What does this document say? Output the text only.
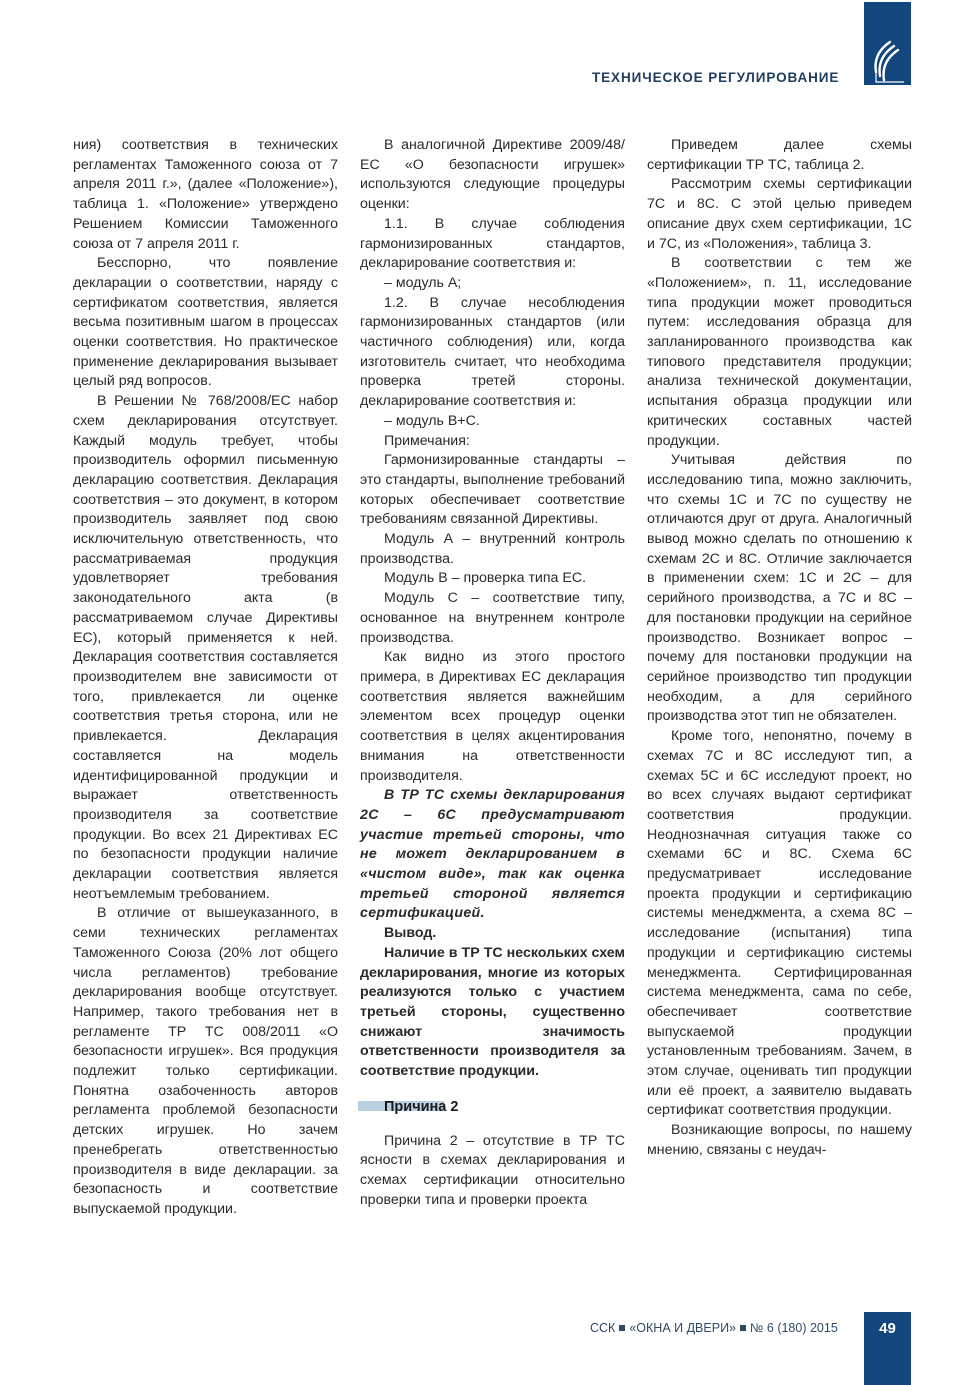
ТЕХНИЧЕСКОЕ РЕГУЛИРОВАНИЕ

ния) соответствия в технических регламентах Таможенного союза от 7 апреля 2011 г.», (далее «Положение»), таблица 1. «Положение» утверждено Решением Комиссии Таможенного союза от 7 апреля 2011 г.

Бесспорно, что появление декларации о соответствии, наряду с сертификатом соответствия, является весьма позитивным шагом в процессах оценки соответствия. Но практическое применение декларирования вызывает целый ряд вопросов.

В Решении № 768/2008/ЕС набор схем декларирования отсутствует. Каждый модуль требует, чтобы производитель оформил письменную декларацию соответствия. Декларация соответствия – это документ, в котором производитель заявляет под свою исключительную ответственность, что рассматриваемая продукция удовлетворяет требования законодательного акта (в рассматриваемом случае Директивы ЕС), который применяется к ней. Декларация соответствия составляется производителем вне зависимости от того, привлекается ли оценке соответствия третья сторона, или не привлекается. Декларация составляется на модель идентифицированной продукции и выражает ответственность производителя за соответствие продукции. Во всех 21 Директивах ЕС по безопасности продукции наличие декларации соответствия является неотъемлемым требованием.

В отличие от вышеуказанного, в семи технических регламентах Таможенного Союза (20% лот общего числа регламентов) требование декларирования вообще отсутствует. Например, такого требования нет в регламенте ТР ТС 008/2011 «О безопасности игрушек». Вся продукция подлежит только сертификации. Понятна озабоченность авторов регламента проблемой безопасности детских игрушек. Но зачем пренебрегать ответственностью производителя в виде декларации. за безопасность и соответствие выпускаемой продукции.

В аналогичной Директиве 2009/48/ЕС «О безопасности игрушек» используются следующие процедуры оценки:

1.1. В случае соблюдения гармонизированных стандартов, декларирование соответствия и:

– модуль А;

1.2. В случае несоблюдения гармонизированных стандартов (или частичного соблюдения) или, когда изготовитель считает, что необходима проверка третей стороны. декларирование соответствия и:

– модуль В+С.

Примечания:

Гармонизированные стандарты – это стандарты, выполнение требований которых обеспечивает соответствие требованиям связанной Директивы.

Модуль А – внутренний контроль производства.

Модуль В – проверка типа ЕС.

Модуль С – соответствие типу, основанное на внутреннем контроле производства.

Как видно из этого простого примера, в Директивах ЕС декларация соответствия является важнейшим элементом всех процедур оценки соответствия в целях акцентирования внимания на ответственности производителя.

В ТР ТС схемы декларирования 2С – 6С предусматривают участие третьей стороны, что не может декларированием в «чистом виде», так как оценка третьей стороной является сертификацией.

Вывод.

Наличие в ТР ТС нескольких схем декларирования, многие из которых реализуются только с участием третьей стороны, существенно снижают значимость ответственности производителя за соответствие продукции.

Причина 2

Причина 2 – отсутствие в ТР ТС ясности в схемах декларирования и схемах сертификации относительно проверки типа и проверки проекта

Приведем далее схемы сертификации ТР ТС, таблица 2.

Рассмотрим схемы сертификации 7С и 8С. С этой целью приведем описание двух схем сертификации, 1С и 7С, из «Положения», таблица 3.

В соответствии с тем же «Положением», п. 11, исследование типа продукции может проводиться путем: исследования образца для запланированного производства как типового представителя продукции; анализа технической документации, испытания образца продукции или критических составных частей продукции.

Учитывая действия по исследованию типа, можно заключить, что схемы 1С и 7С по существу не отличаются друг от друга. Аналогичный вывод можно сделать по отношению к схемам 2С и 8С. Отличие заключается в применении схем: 1С и 2С – для серийного производства, а 7С и 8С – для постановки продукции на серийное производство. Возникает вопрос – почему для постановки продукции на серийное производство тип продукции необходим, а для серийного производства этот тип не обязателен.

Кроме того, непонятно, почему в схемах 7С и 8С исследуют тип, а схемах 5С и 6С исследуют проект, но во всех случаях выдают сертификат соответствия продукции. Неоднозначная ситуация также со схемами 6С и 8С. Схема 6С предусматривает исследование проекта продукции и сертификацию системы менеджмента, а схема 8С – исследование (испытания) типа продукции и сертификацию системы менеджмента. Сертифицированная система менеджмента, сама по себе, обеспечивает соответствие выпускаемой продукции установленным требованиям. Зачем, в этом случае, оценивать тип продукции или её проект, а заявителю выдавать сертификат соответствия продукции.

Возникающие вопросы, по нашему мнению, связаны с неудач-

ССК «ОКНА И ДВЕРИ» № 6 (180) 2015	49
